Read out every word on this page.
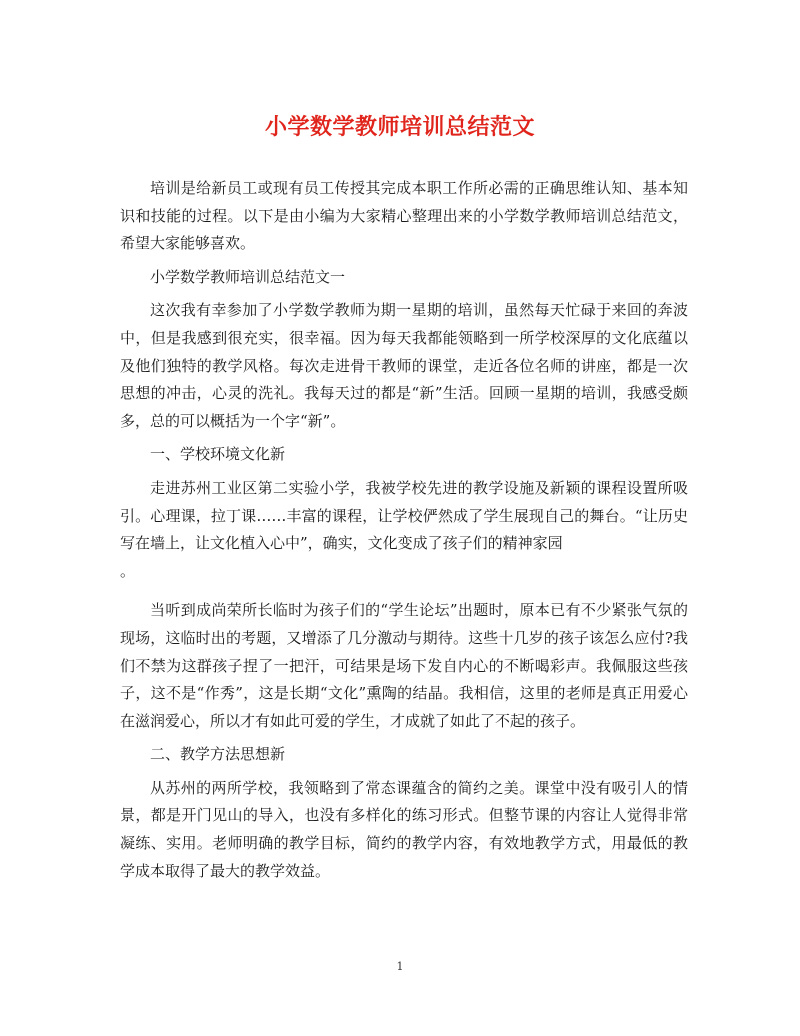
小学数学教师培训总结范文

培训是给新员工或现有员工传授其完成本职工作所必需的正确思维认知、基本知识和技能的过程。以下是由小编为大家精心整理出来的小学数学教师培训总结范文，希望大家能够喜欢。

小学数学教师培训总结范文一

这次我有幸参加了小学数学教师为期一星期的培训，虽然每天忙碌于来回的奔波中，但是我感到很充实，很幸福。因为每天我都能领略到一所学校深厚的文化底蕴以及他们独特的教学风格。每次走进骨干教师的课堂，走近各位名师的讲座，都是一次思想的冲击，心灵的洗礼。我每天过的都是“新”生活。回顾一星期的培训，我感受颇多，总的可以概括为一个字“新”。

一、学校环境文化新

走进苏州工业区第二实验小学，我被学校先进的教学设施及新颖的课程设置所吸引。心理课，拉丁课……丰富的课程，让学校俨然成了学生展现自己的舞台。“让历史写在墙上，让文化植入心中”，确实，文化变成了孩子们的精神家园

。

当听到成尚荣所长临时为孩子们的“学生论坛”出题时，原本已有不少紧张气氛的现场，这临时出的考题，又增添了几分激动与期待。这些十几岁的孩子该怎么应付?我们不禁为这群孩子捏了一把汗，可结果是场下发自内心的不断喝彩声。我佩服这些孩子，这不是“作秀”，这是长期“文化”熏陶的结晶。我相信，这里的老师是真正用爱心在滋润爱心，所以才有如此可爱的学生，才成就了如此了不起的孩子。

二、教学方法思想新

从苏州的两所学校，我领略到了常态课蕴含的简约之美。课堂中没有吸引人的情景，都是开门见山的导入，也没有多样化的练习形式。但整节课的内容让人觉得非常凝练、实用。老师明确的教学目标，简约的教学内容，有效地教学方式，用最低的教学成本取得了最大的教学效益。

1
